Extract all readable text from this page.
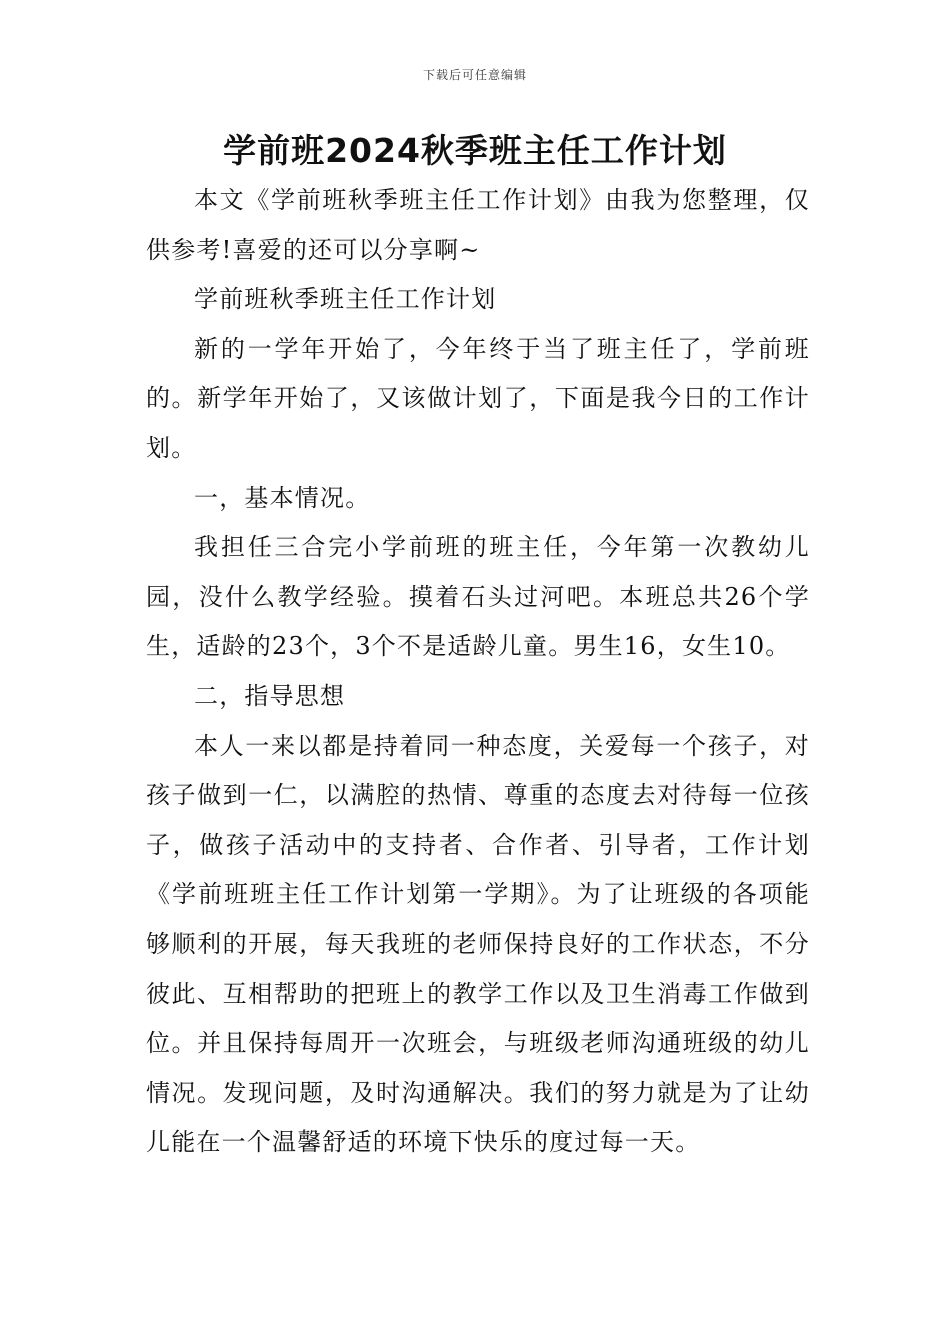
下载后可任意编辑
学前班2024秋季班主任工作计划

本文《学前班秋季班主任工作计划》由我为您整理，仅供参考!喜爱的还可以分享啊~

学前班秋季班主任工作计划

新的一学年开始了，今年终于当了班主任了，学前班的。新学年开始了，又该做计划了，下面是我今日的工作计划。

一，基本情况。

我担任三合完小学前班的班主任，今年第一次教幼儿园，没什么教学经验。摸着石头过河吧。本班总共26个学生，适龄的23个，3个不是适龄儿童。男生16，女生10。

二，指导思想

本人一来以都是持着同一种态度，关爱每一个孩子，对孩子做到一仁，以满腔的热情、尊重的态度去对待每一位孩子，做孩子活动中的支持者、合作者、引导者，工作计划《学前班班主任工作计划第一学期》。为了让班级的各项能够顺利的开展，每天我班的老师保持良好的工作状态，不分彼此、互相帮助的把班上的教学工作以及卫生消毒工作做到位。并且保持每周开一次班会，与班级老师沟通班级的幼儿情况。发现问题，及时沟通解决。我们的努力就是为了让幼儿能在一个温馨舒适的环境下快乐的度过每一天。
